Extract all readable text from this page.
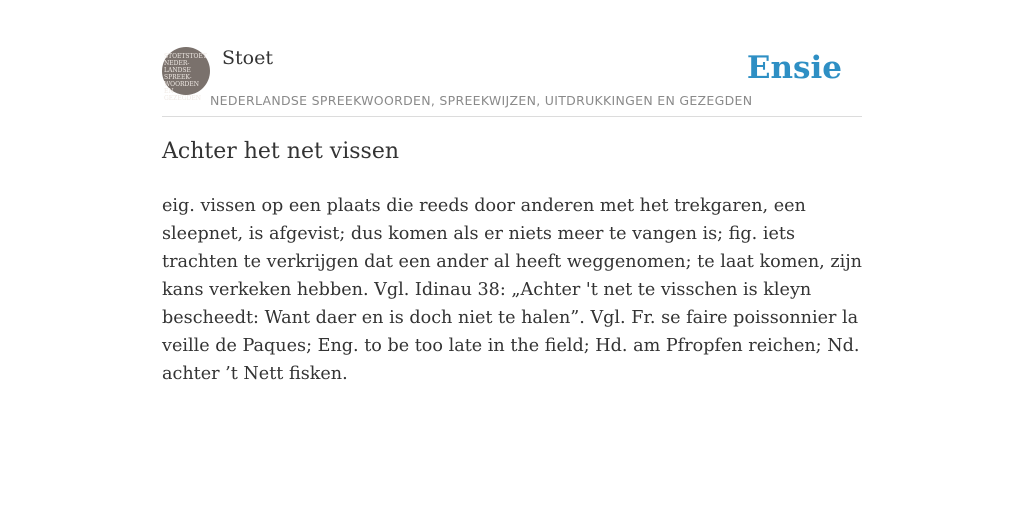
STOETSTOET
NEDER-
LANDSE
SPREEK-
WOORDEN EN
GEZEGDEN
Stoet
NEDERLANDSE SPREEKWOORDEN, SPREEKWIJZEN, UITDRUKKINGEN EN GEZEGDEN
Ensie
Achter het net vissen

eig. vissen op een plaats die reeds door anderen met het trekgaren, een sleepnet, is afgevist; dus komen als er niets meer te vangen is; fig. iets trachten te verkrijgen dat een ander al heeft weggenomen; te laat komen, zijn kans verkeken hebben. Vgl. Idinau 38: „Achter 't net te visschen is kleyn bescheedt: Want daer en is doch niet te halen”. Vgl. Fr. se faire poissonnier la veille de Paques; Eng. to be too late in the field; Hd. am Pfropfen reichen; Nd. achter ’t Nett fisken.
